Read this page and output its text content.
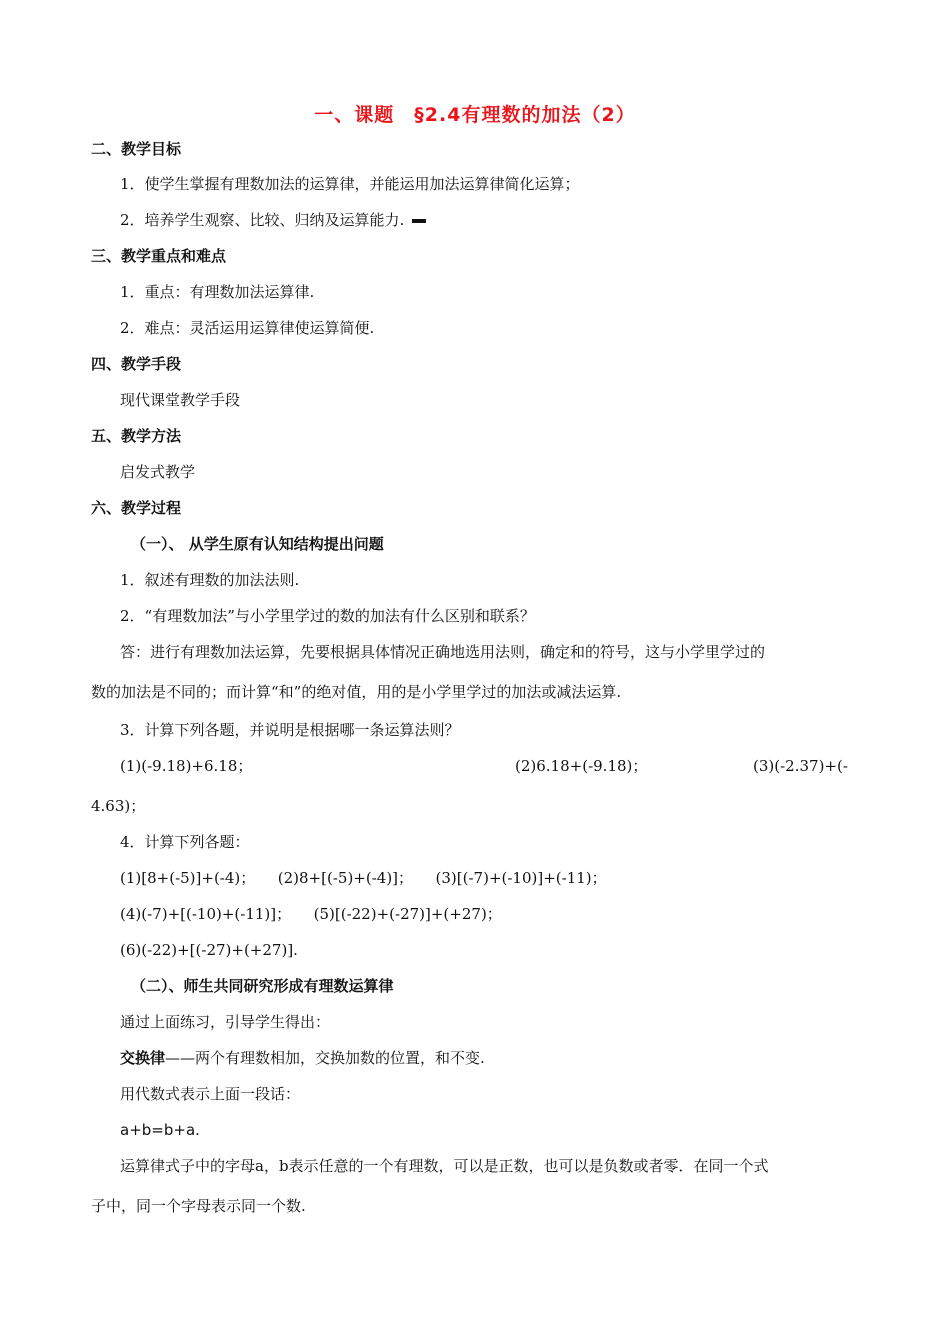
一、课题　§2.4有理数的加法（2）
二、教学目标
1．使学生掌握有理数加法的运算律，并能运用加法运算律简化运算；
2．培养学生观察、比较、归纳及运算能力.
三、教学重点和难点
1．重点：有理数加法运算律.
2．难点：灵活运用运算律使运算简便.
四、教学手段
现代课堂教学手段
五、教学方法
启发式教学
六、教学过程
（一）、 从学生原有认知结构提出问题
1．叙述有理数的加法法则.
2．“有理数加法”与小学里学过的数的加法有什么区别和联系？
答：进行有理数加法运算，先要根据具体情况正确地选用法则，确定和的符号，这与小学里学过的
数的加法是不同的；而计算“和”的绝对值，用的是小学里学过的加法或减法运算.
3．计算下列各题，并说明是根据哪一条运算法则？
(1)(-9.18)+6.18；	(2)6.18+(-9.18)；	(3)(-2.37)+(-
4.63)；
4．计算下列各题：
(1)[8+(-5)]+(-4)；　　(2)8+[(-5)+(-4)]；　　(3)[(-7)+(-10)]+(-11)；
(4)(-7)+[(-10)+(-11)]；　　(5)[(-22)+(-27)]+(+27)；
(6)(-22)+[(-27)+(+27)].
（二）、师生共同研究形成有理数运算律
通过上面练习，引导学生得出：
交换律——两个有理数相加，交换加数的位置，和不变.
用代数式表示上面一段话：
a+b=b+a.
运算律式子中的字母a，b表示任意的一个有理数，可以是正数，也可以是负数或者零．在同一个式
子中，同一个字母表示同一个数.
